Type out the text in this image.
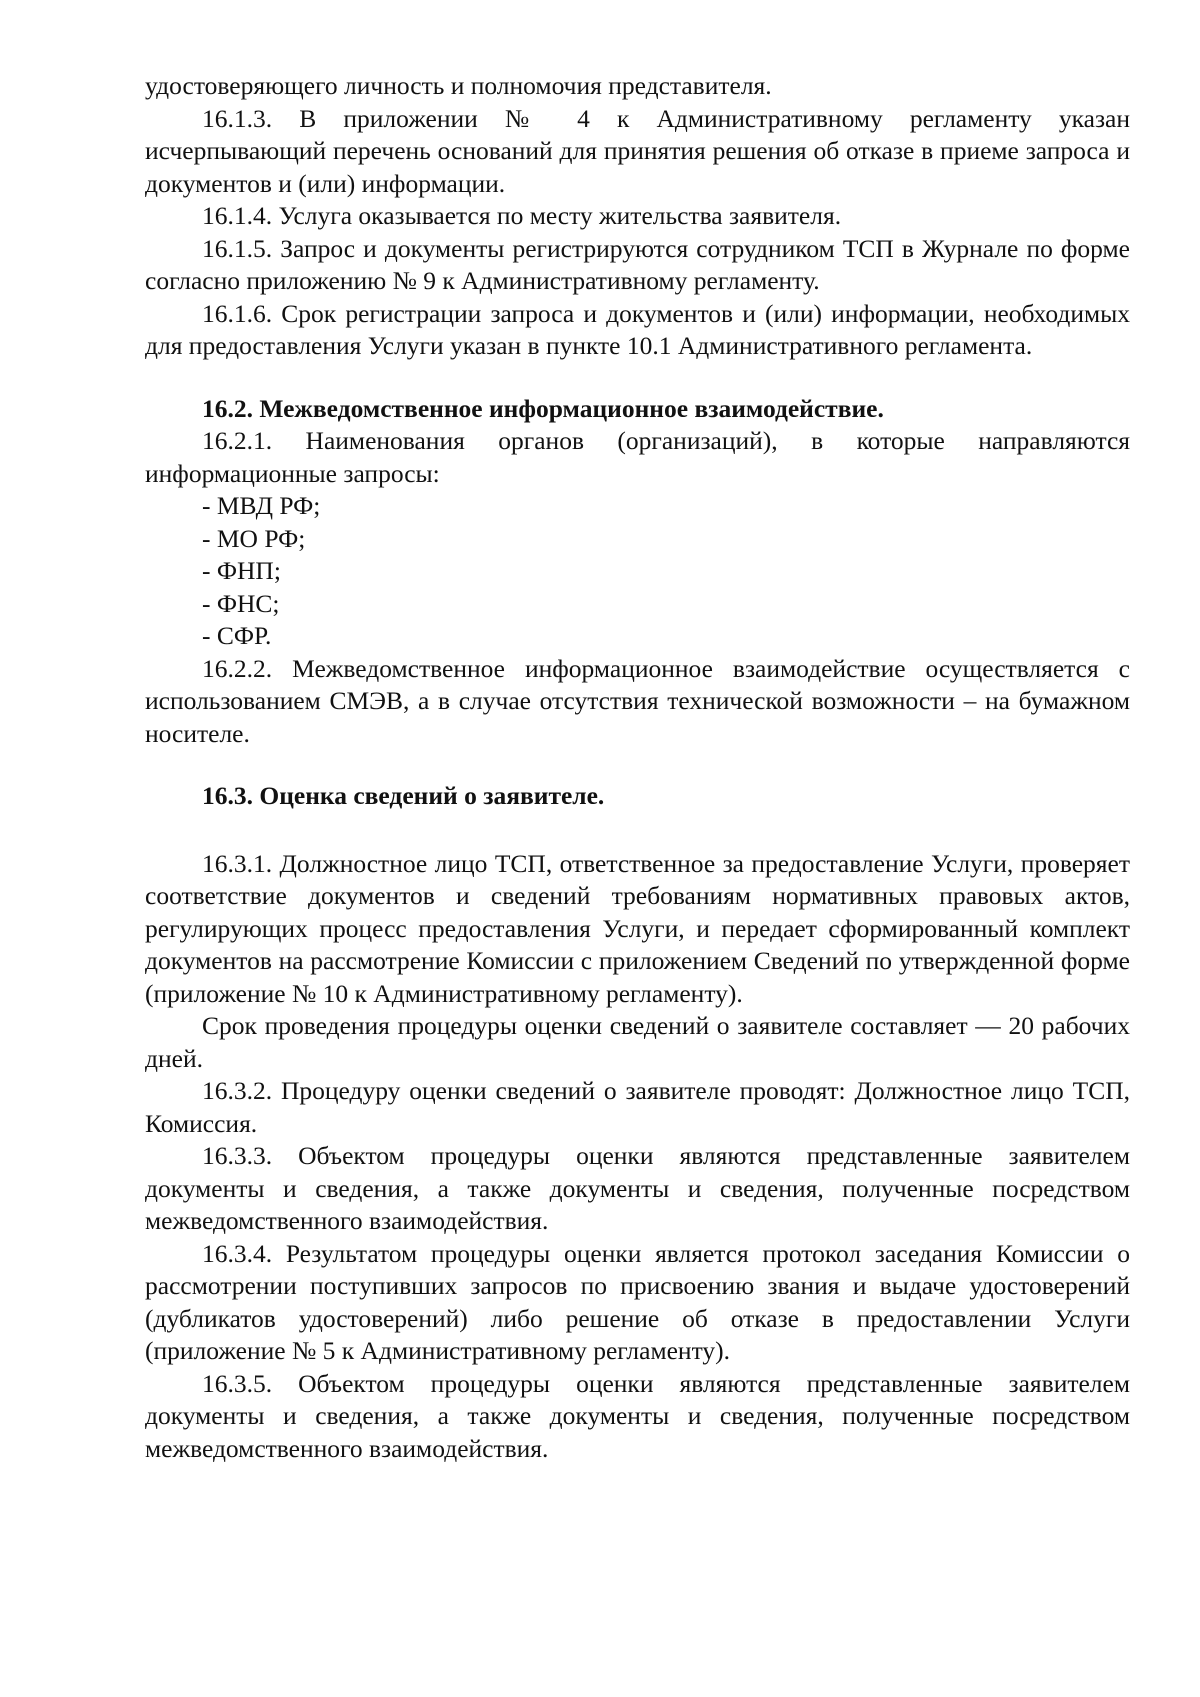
удостоверяющего личность и полномочия представителя.

16.1.3. В приложении № 4 к Административному регламенту указан исчерпывающий перечень оснований для принятия решения об отказе в приеме запроса и документов и (или) информации.

16.1.4. Услуга оказывается по месту жительства заявителя.

16.1.5. Запрос и документы регистрируются сотрудником ТСП в Журнале по форме согласно приложению № 9 к Административному регламенту.

16.1.6. Срок регистрации запроса и документов и (или) информации, необходимых для предоставления Услуги указан в пункте 10.1 Административного регламента.

16.2. Межведомственное информационное взаимодействие.

16.2.1. Наименования органов (организаций), в которые направляются информационные запросы:

- МВД РФ;

- МО РФ;

- ФНП;

- ФНС;

- СФР.

16.2.2. Межведомственное информационное взаимодействие осуществляется с использованием СМЭВ, а в случае отсутствия технической возможности – на бумажном носителе.

16.3. Оценка сведений о заявителе.

16.3.1. Должностное лицо ТСП, ответственное за предоставление Услуги, проверяет соответствие документов и сведений требованиям нормативных правовых актов, регулирующих процесс предоставления Услуги, и передает сформированный комплект документов на рассмотрение Комиссии с приложением Сведений по утвержденной форме (приложение № 10 к Административному регламенту).

Срок проведения процедуры оценки сведений о заявителе составляет — 20 рабочих дней.

16.3.2. Процедуру оценки сведений о заявителе проводят: Должностное лицо ТСП, Комиссия.

16.3.3. Объектом процедуры оценки являются представленные заявителем документы и сведения, а также документы и сведения, полученные посредством межведомственного взаимодействия.

16.3.4. Результатом процедуры оценки является протокол заседания Комиссии о рассмотрении поступивших запросов по присвоению звания и выдаче удостоверений (дубликатов удостоверений) либо решение об отказе в предоставлении Услуги (приложение № 5 к Административному регламенту).

16.3.5. Объектом процедуры оценки являются представленные заявителем документы и сведения, а также документы и сведения, полученные посредством межведомственного взаимодействия.
